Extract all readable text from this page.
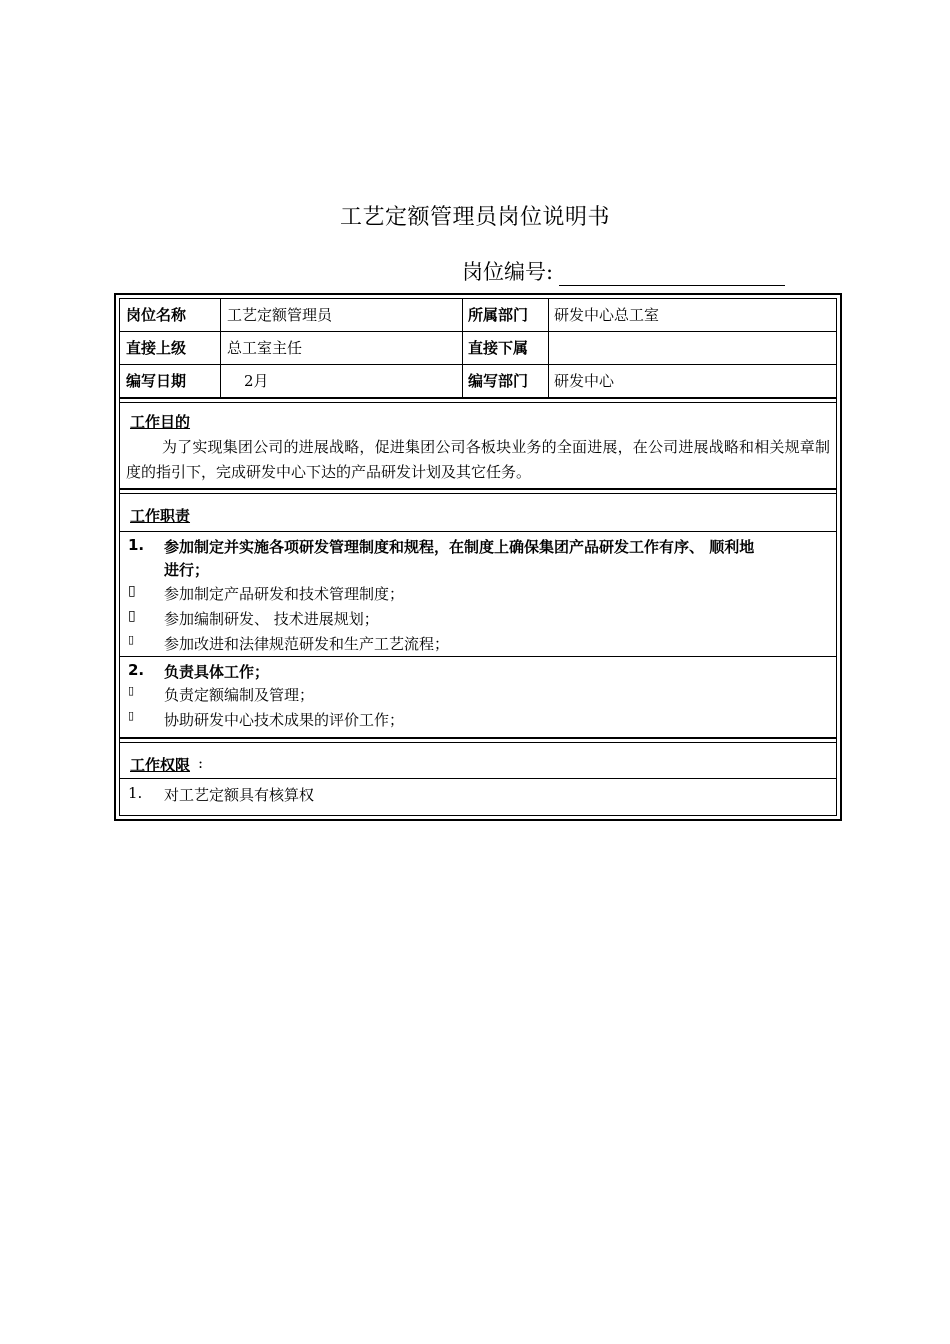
工艺定额管理员岗位说明书
岗位编号:
岗位名称	工艺定额管理员	所属部门 研发中心总工室
直接上级	总工室主任	直接下属
编写日期	2月	编写部门 研发中心
工作目的
为了实现集团公司的进展战略，促进集团公司各板块业务的全面进展，在公司进展战略和相关规章制度的指引下，完成研发中心下达的产品研发计划及其它任务。
工作职责
1. 参加制定并实施各项研发管理制度和规程，在制度上确保集团产品研发工作有序、 顺利地
进行；
▯ 参加制定产品研发和技术管理制度；
▯ 参加编制研发、 技术进展规划；
▯ 参加改进和法律规范研发和生产工艺流程；
2. 负责具体工作；
▯ 负责定额编制及管理；
▯ 协助研发中心技术成果的评价工作；
工作权限 :
1. 对工艺定额具有核算权
